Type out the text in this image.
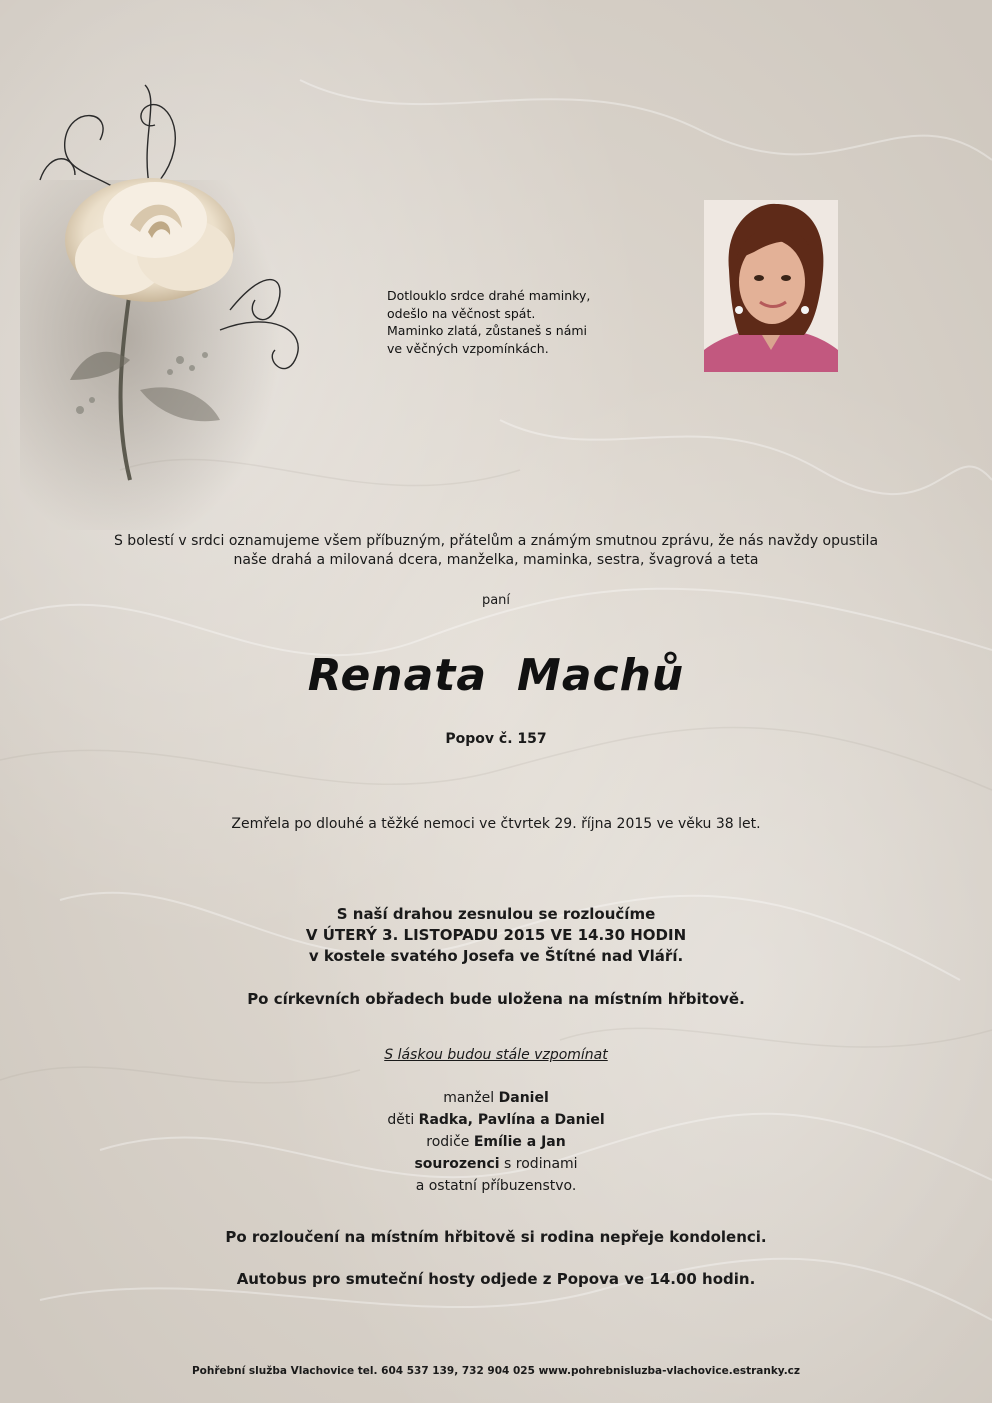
Dotlouklo srdce drahé maminky,
odešlo na věčnost spát.
Maminko zlatá, zůstaneš s námi
ve věčných vzpomínkách.
S bolestí v srdci oznamujeme všem příbuzným, přátelům a známým smutnou zprávu, že nás navždy opustila
naše drahá a milovaná dcera, manželka, maminka, sestra, švagrová a teta
paní
Renata Machů
Popov č. 157
Zemřela po dlouhé a těžké nemoci ve čtvrtek 29. října 2015 ve věku 38 let.
S naší drahou zesnulou se rozloučíme
V ÚTERÝ 3. LISTOPADU 2015 VE 14.30 HODIN
v kostele svatého Josefa ve Štítné nad Vláří.
Po církevních obřadech bude uložena na místním hřbitově.
S láskou budou stále vzpomínat
manžel Daniel
děti Radka, Pavlína a Daniel
rodiče Emílie a Jan
sourozenci s rodinami
a ostatní příbuzenstvo.
Po rozloučení na místním hřbitově si rodina nepřeje kondolenci.
Autobus pro smuteční hosty odjede z Popova ve 14.00 hodin.
Pohřební služba Vlachovice tel. 604 537 139, 732 904 025 www.pohrebnisluzba-vlachovice.estranky.cz
